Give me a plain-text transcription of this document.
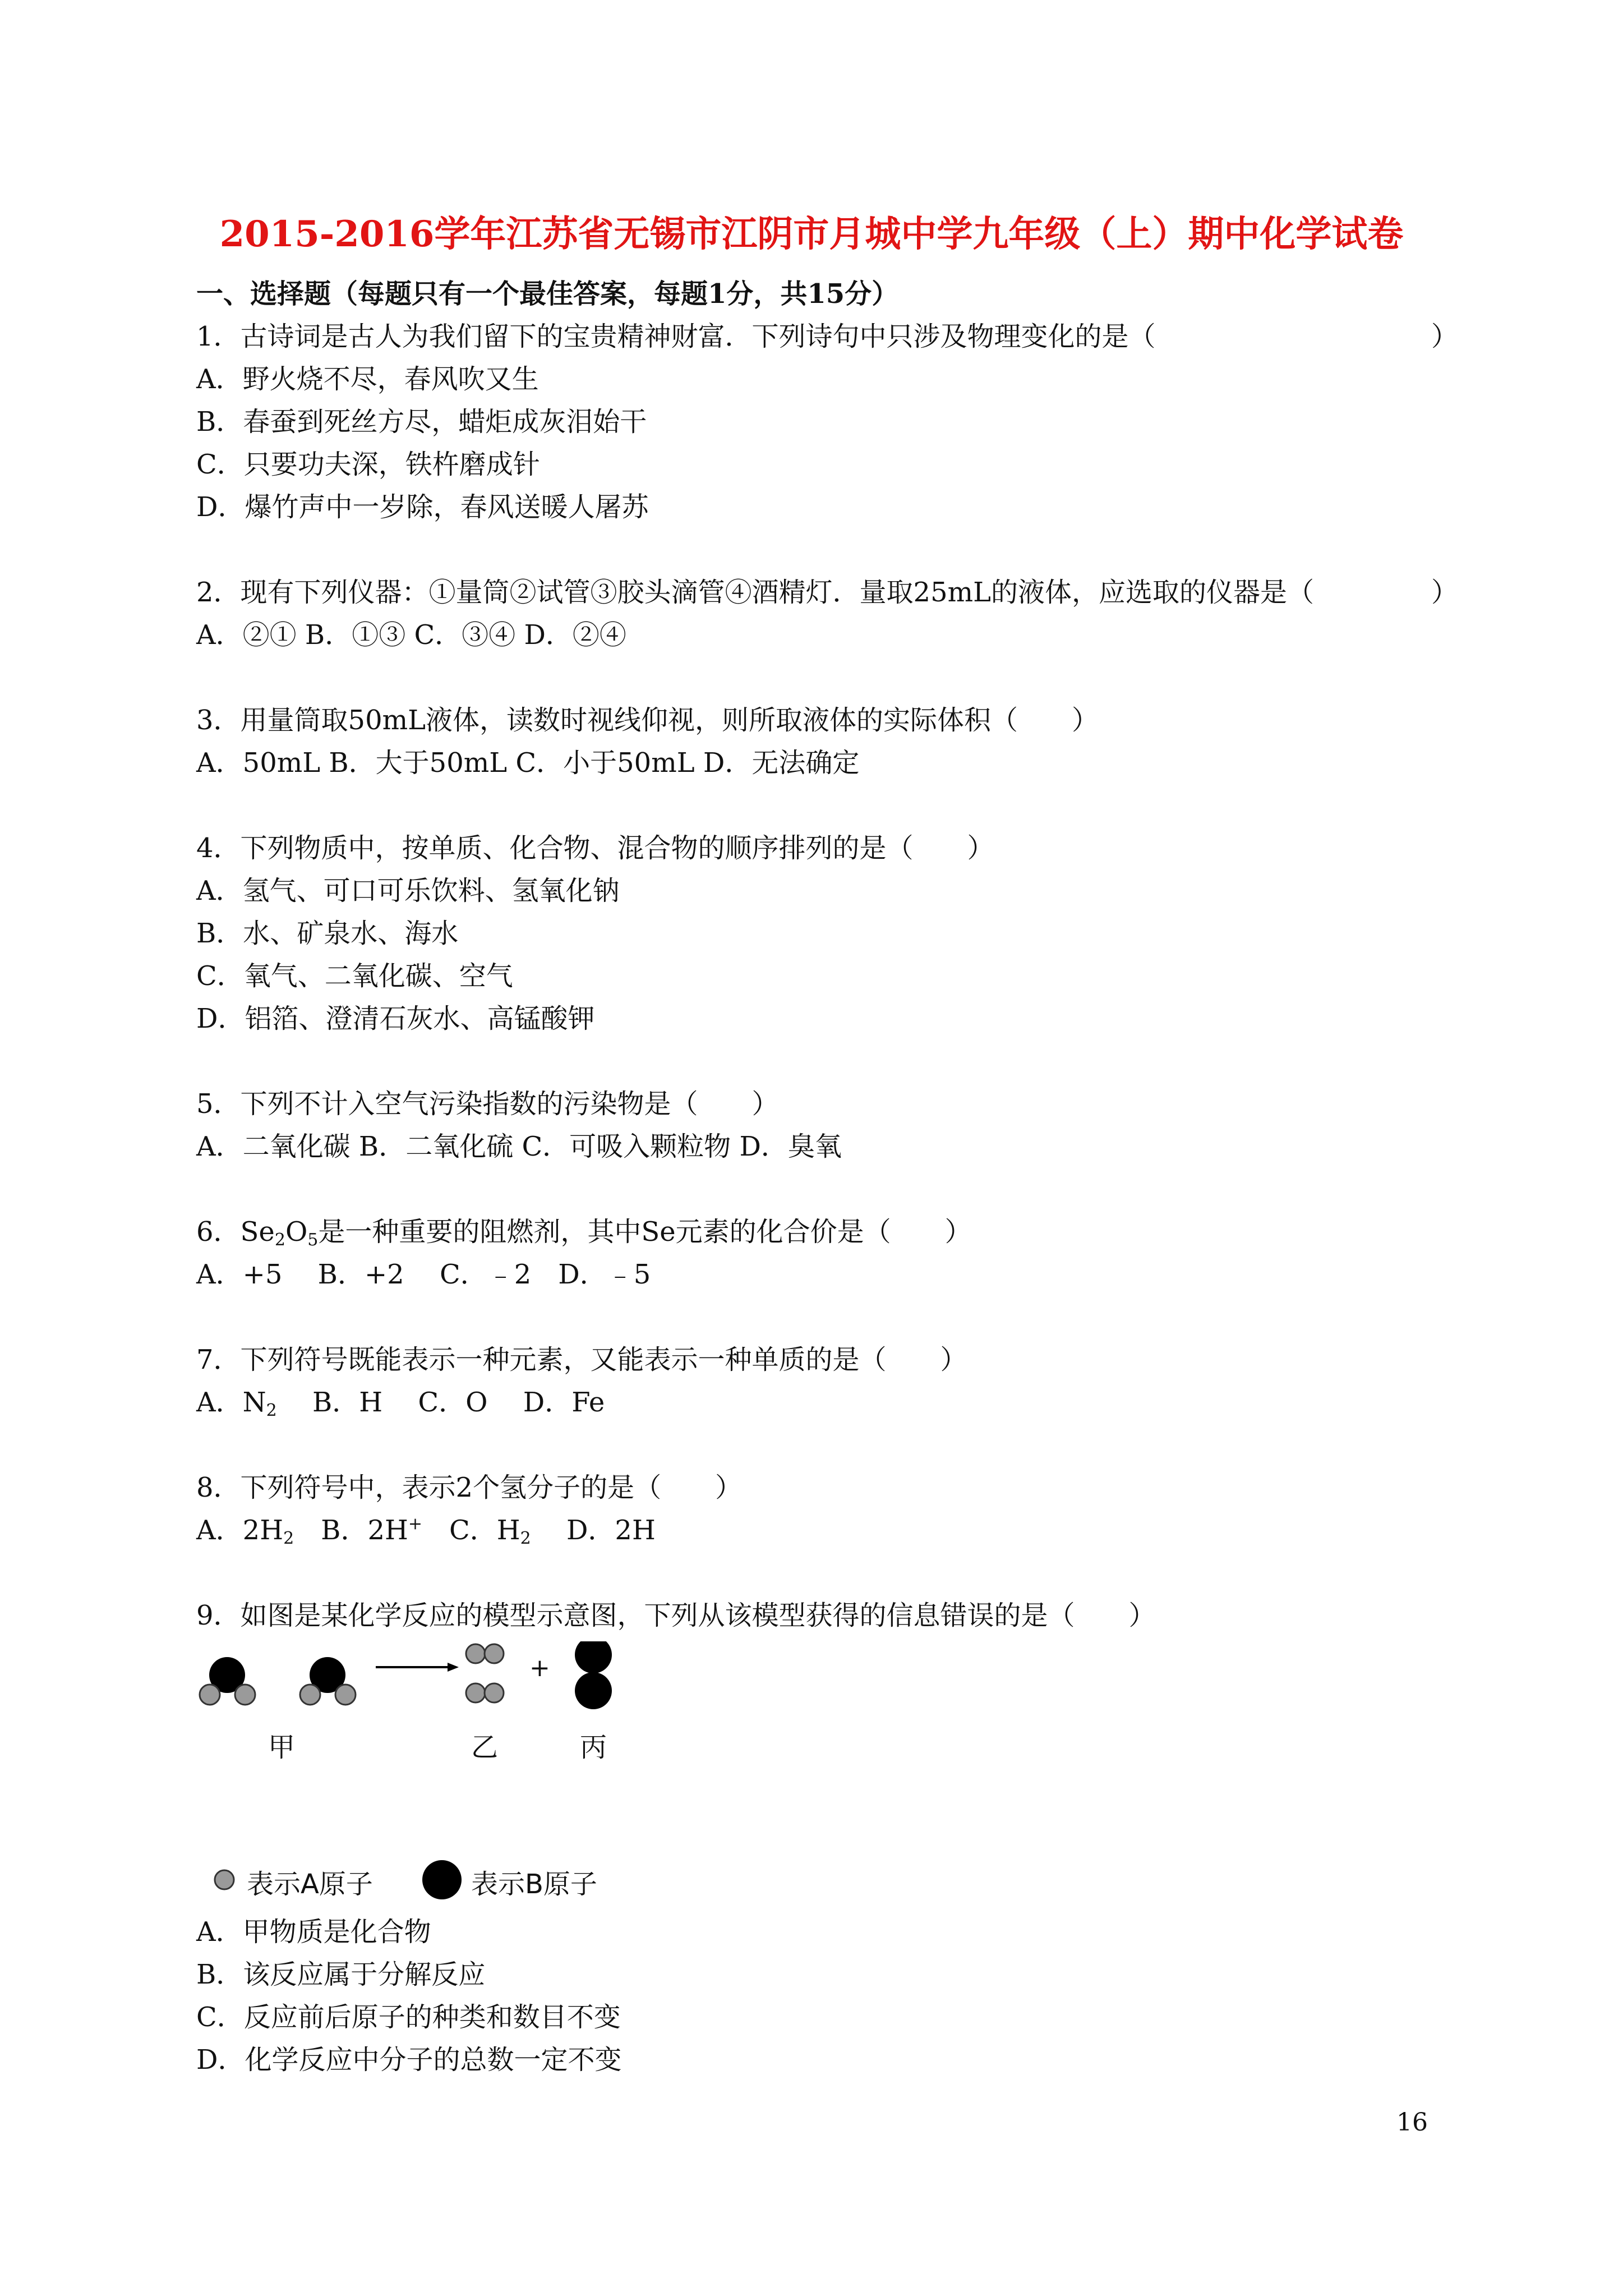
2015-2016学年江苏省无锡市江阴市月城中学九年级（上）期中化学试卷
一、选择题（每题只有一个最佳答案，每题1分，共15分）
1．古诗词是古人为我们留下的宝贵精神财富．下列诗句中只涉及物理变化的是（	）
A．野火烧不尽，春风吹又生
B．春蚕到死丝方尽，蜡炬成灰泪始干
C．只要功夫深，铁杵磨成针
D．爆竹声中一岁除，春风送暖人屠苏
2．现有下列仪器：①量筒②试管③胶头滴管④酒精灯．量取25mL的液体，应选取的仪器是（	）
A．②① B．①③ C．③④ D．②④
3．用量筒取50mL液体，读数时视线仰视，则所取液体的实际体积（　　）
A．50mL B．大于50mL C．小于50mL D．无法确定
4．下列物质中，按单质、化合物、混合物的顺序排列的是（　　）
A．氢气、可口可乐饮料、氢氧化钠
B．水、矿泉水、海水
C．氧气、二氧化碳、空气
D．铝箔、澄清石灰水、高锰酸钾
5．下列不计入空气污染指数的污染物是（　　）
A．二氧化碳 B．二氧化硫 C．可吸入颗粒物 D．臭氧
6．$Se_2O_5$是一种重要的阻燃剂，其中Se元素的化合价是（　　）
A．+5　 B．+2　 C．﹣2　D．﹣5
7．下列符号既能表示一种元素，又能表示一种单质的是（　　）
A．$N_2$　 B．H　 C．O　 D．Fe
8．下列符号中，表示2个氢分子的是（　　）
A．$2H_2$　B．2H+　C．$H_2$　 D．2H
9．如图是某化学反应的模型示意图，下列从该模型获得的信息错误的是（　　）
+
甲	乙	丙
表示A原子	表示B原子
A．甲物质是化合物
B．该反应属于分解反应
C．反应前后原子的种类和数目不变
D．化学反应中分子的总数一定不变
16
